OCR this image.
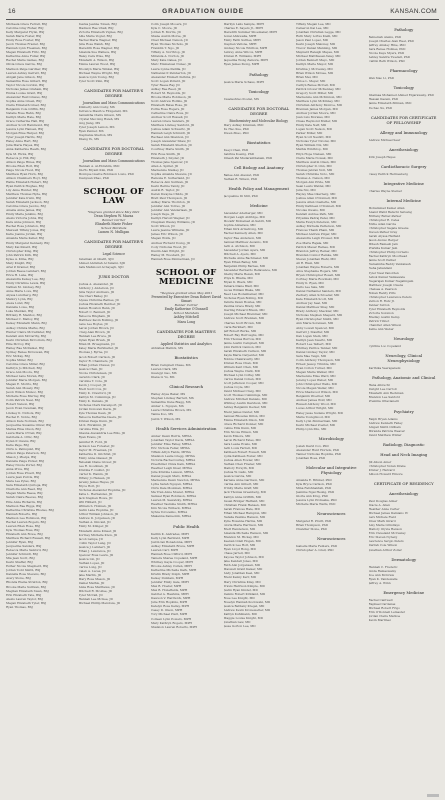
16	GRADUATION GUIDE	KANSAN.COM
Michaela Grace Ferrell, BSJ
Caroline Gray Fisher, BSJ
Kelly Margaret Flynn, BSJ
Sarah Marie Foster, BSJ
Emily Rose Fowler, BSJ
Jacob Thomas Frazier, BSJ
Hannah Lynn Freeman, BSJ
Megan Elizabeth Fritz, BSJ
Katherine Anne Fuller, BSJ
Rachel Marie Gaines, BSJ
Olivia Grace Garcia, BSJ
Madison Paige Gardner, BSJ
Lauren Ashley Garrett, BSJ
Abigail Jane Gibson, BSJ
Samantha Rose Gilbert, BSJ
Taylor Nicole Gordon, BSJ
Nicholas James Graham, BSJ
Emma Louise Grant, BSJ
Alexander Reid Graves, BSJ
Sophia Anne Green, BSJ
Claire Elizabeth Greer, BSJ
Benjamin Cole Griffin, BSJ
Natalie Rose Hahn, BSJ
Kaitlyn Marie Hale, BSJ
Grace Catherine Hall, BSJ
Andrew Scott Hammond, BSJ
Jessica Lynn Hansen, BSJ
Morgan Elise Harper, BSJ
Tyler Joseph Harris, BSJ
Haley Anne Hart, BSJ
Julia Marie Hayes, BSJ
Anna Katherine Heath, BSJ
Kyle M. Hicks, BSJ
Rebecca Jo Hill, BSJ
Allison Paige Hines, BSJ
Brooke Ellen Holt, BSJ
Paige Nicole Hood, BSJ
Matthew Ryan Horn, BSJ
Allison Chambers Hoyt, BSJ
Hallie Elizabeth Hubert, BSJ
Ryan Patrick Hughes, BSJ
Lily Anne Hunter, BSJ
Matthew Thomas Hyde, BSJ
Jennifer Kate Irwin, BSJ
Sarah Elizabeth Jackson, BSJ
Caroline Grace Jacobs, BSJ
Amelia Anne James, BSJ
Emily Marie Jenkins, BSJ
Alexis Victoria Johns, BSJ
Kara Anne Johnson, BSJ
Rachel Rose Johnston, BSJ
Maxwell Tiffany Jones, BSJ
Katie Joanne Jordan, BSJ
Amanda Marie Keller, BSJ
Emily Margaret Kennedy, BSJ
Mary Kai Kinard, BSJ
Christopher King, BSJ
John Patrick Kirk, BSJ
Kylee A. Kline, BSJ
Mary Knight, BSJ
Ariel P. Kramer, BSJ
Jordan Reese Lambert, BSJ
Erica H. Lane, BSJ
Alexandra Kelsey Lee, BSJ
Emily Christine Lewis, BSJ
Nathan M. Lindsey, BSJ
Anne Marie Love, BSJ
Alyssa Lundberg, BSJ
Mallory Lynn, BSJ
Alexa Lund, BSJ
Danielle Lowe, BSJ
Luke Madden, BSJ
Brittany R. Maddox, BSJ
Michael C. Malloy, BSJ
Kelsey Elizabeth Mann, BSJ
Ashley Christa Marks, BSJ
Hunter Claire McCallister, BSJ
Kendall Ann McCarthy, BSJ
Kevin Christian McCollum, BSJ
Ellie McCoy, BSJ
Hailey Rae McDaniel, BSJ
Sydney Renee McGowan, BSJ
Eric McKay, BSJ
Sophia Miller, BSJ
Caroline Grace Miller, BSJ
Kathryn Jo Mitchell, BSJ
Grace Ann Moore, BSJ
Michael Lane Moran, BSJ
Jennifer Marie Morgan, BSJ
Megan E. Morris, BSJ
Sarah Ann Mosely, BSJ
Jacob Wilson Munoz, BSJ
Michelle Rose Murray, BSJ
Colin Patrick Neal, BSJ
Robert Nelson, BSJ
Jacob Evan Newman, BSJ
Lindsey K. Nichols, BSJ
Rachel E. Noble, BSJ
Allison Kate Norman, BSJ
Jacqueline Susanne Oliver, BSJ
Marisa Elise Olson, BSJ
Laura Marie O'Neil, BSJ
Gabriella A. Ortiz, BSJ
Dylan P. Owens, BSJ
Katie Page, BSJ
Chris A. Palmquist, BSJ
Allison Paige Peterson, BSJ
Mason J. Phelps, BSJ
Danielle Paige Picker, BSJ
Haley Nicole Porter, BSJ
Anna Price, BSJ
Jordan Rose Pruett, BSJ
Laura Jean Purvis, BSJ
Mara Lee Pyles, BSJ
Sara Elizabeth Quiroga, BSJ
Charlotte Ann Reed, BSJ
Megan Marie Reese, BSJ
Sarah Claire Reeves, BSJ
Ellie Anne Richards, BSJ
Madison Rae Riggs, BSJ
Katherine Christine Rhodes, BSJ
Hannah Roberts, BSJ
Madison Lee Robinson, BSJ
Rachel Lauren Rogers, BSJ
Lauren Ellen Rose, BSJ
Kyle Thomas Ross, BSJ
Elizabeth Ann Rowe, BSJ
Matthew Richard Russell, BSJ
Jennifer Ryan, BSJ
Jacqueline Sanders, BSJ
Rebecca Marie Sanford, BSJ
Jennifer Schmidt, BSJ
Mia Jean Scott, BSJ
Kevin Shaffer, BSJ
Esther Nicole Shepherd, BSJ
Jordan Todd Smith, BSJ
Daniella Rose Stevens, BSJ
Avery Stone, BSJ
Rhonda Elaine Stratton, BSJ
Brooke Marie Sullivan, BSJ
Meghan Elizabeth Swan, BSJ
Erin Elizabeth Tate, BSJ
Alexis Lauren Taylor, BSJ
Megan Elizabeth Tyler, BSJ
Ryan Thomas, BSJ
Tearsa Jeanne Tolsen, BSJ
Madison Rae Uhall, BSJ
Victoria Elizabeth Vignes, BSJ
Allie Marie Vogler, BSJ
Rachel Marie Wagner, BSJ
Julie Rose Walsh, BSJ
Meredith Rose Wagner, BSJ
Amanda Sue Wallace, BSJ
Haley Cara Wise, BSJ
Elizabeth A. Wilson, BSJ
Emma Lauren Wood, BSJ
Brooklyn Marie Winkel, BSJ
Michael Wayne Wright, BSJ
Jessica Lynn Young, BSJ
Tyler Scott Zinn, BSJ
CANDIDATES FOR MASTER'S DEGREE
Journalism and Mass Communications
Kimberly Ann Cosby, MS
Terrence Maurice Fitzgerald, MS
Samantha Claire Gibson, MS
Crystal Mei Ling Hsieh, MS
Ling Jiang, MS
Tyler Joseph Lemon, MS
Ryan Penner, MS
Stephanie Shelton, MS
Zhang Yu, MS
CANDIDATES FOR DOCTORAL DEGREE
Journalism and Mass Communications
Hannah A. Al-Ebrahim, PhD
Jin-Ho Bryant Kim, PhD
Monique Lisette Robinson Louis, PhD
Yuanyuan Zhao, PhD
SCHOOL OF LAW
*Degrees granted since May 2021
Dean Stephen W. Mazza
Banner Carrier
Elizabeth Marie Fisher
School Marshals
Lumen N. Mulligan
CANDIDATES FOR MASTER'S DEGREE
Legal Science
Sulaiman Al Ghafri, SJD
Ahmed Abdullah Al Sulami, SJD
Safa Mahmoud Al Sayegh, SJD
JURIS DOCTOR
Joshua A. Alexander, JD
Anthony J. Anderson, JD
Julia Taylor Andrews, JD
Nia Cheri Bailey, JD
Alyssa Christine Barnes, JD
Joshua Elizabeth Belcher, JD
Kenan Houston Benn, JD
Robert C. Bennett, JD
Rebecca Bingham, JD
Matthew Kevin Bohling, JD
Lane Lee Boyles, JD
Aaron Jordan Brown, JD
Craig Alan Brown, JD
Hannah Lee Bruce, JD
Dylan Ryan Brush, JD
Brian M. Bruegmann, JD
Kaley Marie Burkhalter, JD
Thomas J. Byrne, JD
Jacob Robert Carlson, JD
Taylor R. Chambers, JD
Ethan Jordan Chavez, JD
Jessica Chen, JD
Nicole Christensen, JD
Gerardo Clark, JD
Caroline T. Cole, JD
Kevin J. Cooper, JD
Brett Scott Cox, JD
Emily K. Crawford, JD
Kaitlyn M. Cummings, JD
Emily K. Daniels, JD
Nicholas Clark Davenport, JD
Jordan Donovan Davis, JD
Kyle Thomas Dean, JD
Rebecca Katherine Deere, JD
Kirsten Paige Dunn, JD
Ali K. Ebrahimi, JD
Caroline Ellis, JD
Shauna Alexandria Lee Ellis, JD
Ryan Evans, JD
Jennifer R. Ford, JD
Jackson Lee Forester, JD
Taylor M. Freeman, JD
Katherine D. Gilchrist, JD
Emily Anne Glasser, JD
Rebekah Diane Glover, JD
Lee R. Goodman, JD
Kristina F. Guillot, JD
Carter K. Hamm, JD
Tiffany Jo Hansen, JD
Jeremy James Hayes, JD
Bryce Holt, JD
Nicholas Alexander Hopkins, JD
Katie L. Hernandez, JD
Jack Stephen Howe, JD
Will Hilliard, JD
William S. Holman, JD
Justin Lane Hopkins, JD
Arthur William Johnson, JD
Andrew D. Jorgensen, JD
Nathan A. Kincaid, JD
Emily M. Klinger, JD
Elizabeth Anne Kinser, JD
Kortney Michelle Knox, JD
Jacob Lampe, JD
Collin Taylor Lang, JD
Jessica J. Lambert, JD
Ethan J. Lawrence, JD
Spencer Ross Lewis, JD
Jessica Lin, JD
Nathan Lopez, JD
Carlos Long, JD
Caleb A. Lucas, JD
Jake Martin, JD
Mary Rose Mason, JD
Daniel Mathis, JD
Anna Rose Matthews, JD
Mitchell R. McAfee, JD
Tyler McCall, JD
Hannah Lee McGee, JD
Michael Phillip Mendoza, JD
Colin Joseph Mooers, JD
Kyle C. Moore, JD
Jordan R. Morris, JD
Shane Austin Morse, JD
Chad Michael Nelson, JD
Ryan Thomas Nichols, JD
Franklin T. Ngo, JD
Tiffany A. Northrop, JD
Miranda A. Norton, JD
Mary Kate Oakes, JD
Marc Emmanuel Nunez, JD
Laura Lynne Padilla, JD
Nathaniel P. Pemberton, JD
Alexander Emmett Perkins, JD
Scott Logan Pollard, JD
Tyler Reese Ray, JD
Ashley Rae Reed, JD
Robert M. Reynolds, JD
Brooke Marie Robinson, JD
Scott Andrew Rollins, JD
Elizabeth Bates Rose, JD
Portia Rose Rogers, JD
Catherine Claire Ross, JD
Andrew Scott Russell, JD
Lauren Grace Sanders, JD
Matthew Lindsey Sanford, JD
Joshua Adam Schwartz, JD
Hannah Leigh Schmidt, JD
Rachael Ann Shannon, JD
Joseph Alexander Shaw, JD
Sarah Elizabeth Shelton, JD
Courtney Marie Smith, JD
Erin Rose Smith, JD
Elizabeth J. Snyder, JD
Thomas Jake Spencer, JD
Allen A. Spiller, JD
Mackenzie Stanley, JD
Sophia Amanda Stevens, JD
Ramona E. Sutherland, JD
Rebecca Ann Sullivan, JD
Kevin Bernie Tandy, JD
Austin R. Taylor, JD
Derek Dwayne Childs, JD
Brett Paul Thompson, JD
Ashley Marie Thornton, JD
Jennifer Ann Torres, JD
Jennifer Ann Vanderlaan, JD
Joseph Vega, JD
Kaitlyn Harold Wagner, JD
Chapman Wesley Williams, JD
Scott Wilson, JD
Laura Jeanne Williams, JD
James Eric Wilson, JD
Megan Wolfe, JD
Andrew Richard Young, JD
Cody Nicholas Wood, JD
Dustin Alan Wright, JD
Hailey M. Woodard, JD
Hannah Rose Zimmerman, JD
SCHOOL OF MEDICINE
*Degrees granted since May 2021
Presented by Executive Dean Robert David Simari
Banner Carrier
Emily Katherine O'Donnell
School Marshals
Ashley Mitchell
Mara Long
CANDIDATES FOR MASTER'S DEGREE
Applied Statistics and Analytics
Abhishek Mallick, MS
Biostatistics
Brian Campbell Chase, MS
Lauren Clark, MS
Guangyi Gao, MS
Diana Li Yu, MS
Clinical Research
Hailey Alyse Baker, MS
Stephen Lindsey Barrett, MS
Samantha Irene Blagg, MS
Amber L. Nguyen, MS
Laura Christine Brown, MS
Tanna Koo, MS
Justin T. Wilson, MS
Health Services Administration
Amber Dawn Burris, MHSA
Jonathan Taylor Davis, MHSA
Jennifer Elise Fahey, MHSA
Eric Nichole Feller, MHSA
Tiffani Adlyn Fields, MHSA
Shannon Leslie Gregg, MHSA
Victoria Rachel Gurley, MHSA
Preethimol Chiza Kain, MHSA
Heather Leigh Kiser, MHSA
Julie Kristine Lawson, MHSA
Daniel Joseph Marx, MHSA
Mackenzie Dawn Newton, MHSA
Lydia Sarah Nguyen, MHSA
Chris Dale Mosiman, MHSA
Ma Tran Anne Mosier, MHSA
Samuel Ryan Robinson, MHSA
Lauren M. Sawatzky, MHSA
Heather Yasmine Smith, MHSA
Kim Nicole Wilbeck, MHSA
Sylvia Yorozenko, MHSA
Makenna Zamecnik, MHSA
Public Health
Kaitlin K. Andrades, MPH
Kelly Lynn Bernfeld, MPH
Justin Ian Bonadonna, MPH
Ashley Elizabeth Bruce, MPH
Lauren Carr, MPH
Hannah Rose Clifford, MPH
Tamera Sharee Copeland, MPH
Whitney Gayle Cooper, MPH
Brooke Ashley Cullen, MPH
Katherine Michelle Dark, MPH
Kristin Brady Dolph, MPH
Kelsey Dunham, MPH
Jennifer Emily Gale, MPH
Max B. Hoefer, MPH
Max B. Honeffelds, MPH
Gabriel A. Hawkins, MPH
Dawson V. Hardwick, MPH
Julie Erin Hopkins, MPH
Katelyn Rose Kelley, MPH
Casey D. Olson, MPH
Tory Michael Piatt, MPH
Colleen Lynn Powers, MPH
Mary Kathryn Rogers, MPH
Shannon Lauren Roberts, MPH
Marilyn Lalis Semple, MPH
Charles E. Sayers Jr., MPH
Meredith Summer Shoemaker, MPH
Sonal Ahluwalia, MPH
Emily Faith Suttles, MPH
Stephen Vallone, MPH
Lindsey Nicole Whitlow, MPH
Aubrey Anne Wilcox, MPH
Kristen R. Williams, MPH
Jaquelina Wong Zamora, MPH
Ryan James Xiong, MPH
Pathology
Jessica Marie Schaus, MPH
Toxicology
Swadeshrao Poodel, MS
CANDIDATES FOR DOCTORAL DEGREE
Biochemistry and Molecular Biology
Mary Ashley Kinzman, PhD
Xu Hao Xue, PhD
Ziwen Zhao, PhD
Biostatistics
Xueyi Chen, PhD
Sabrina Koenig, PhD
Dinesh Pal Mudaranthakam, PhD
Cell Biology and Anatomy
Bailee Ann Alauzet, PhD
Nathan R. Wilson, PhD
Health Policy and Management
Jacqueline Di Still, PhD
Medicine
Alexander Adelberger, MD
Morgan Leigh Aldridge, MD
Mozafir Mohamed Al-Sabiri, MD
Sophia Anbarasu, MD
Ethan Kirk Armstrong, MD
Rachel Kennedy Allen, MD
Taylor Rae Anderson, MD
Samuel Matthew Ascanio, MD
Seth A. Atchison, MD
Alexander Jordan Ayers, MD
Mitchell A. Ayers, MD
Michelle Anne Bachmeier, MD
Ryan Ethan Bailey, MD
Benjamin Philip Barnes, MD
Alexander Bernardo Bellavance, MD
Shelby Marie Bezek, MD
Priya K. Bhatia, MD
Bryan K. Black, MD
Tamara Diane Blair, MD
Lucas William Blake, MD
Reed Lee Bodenhamer, MD
Nicholas Ryan Bolling, MD
Tamira Dawn Bowles, MD
Paulina Grace Brady, MD
Sterling Edward Braun, MD
Joseph Michael Bremmer, MD
Andrew Scott Brennan, MD
Charles Scott Brown, MD
Carla Burkhart, MD
Jeff Robert Burke, MD
Robert Ray Burroughs, MD
Erin Thomas Burrow, MD
Jamie Austin Campbell, MD
John Patrick Cannon, MD
Sarah Elizabeth Carlson, MD
Kayla Marie Carpenter, MD
Robbie Chakravarty, MD
Kristen Rose Chan, MD
William Kent Chen, MD
Joshua Wayne Clark, MD
Michael Lynn Coffey, MD
Carlos Daniel Cohen, MD
Scott Jefferson Cooper, MD
Joshua Coyle, MD
David Michael Craig, MD
Scott Thomas Cummings, MD
Andrew Mitchell Daniels, MD
Whitney Austin Davidson, MD
Ashley Benjamin Decker, MD
Brent James Dexter, MD
Samuel Rhoades Dillon, MD
Emma Elizabeth Dixon, MD
Grace Richard Donner, MD
Celine Ellis Dunn, MD
Erin Nicole Ellison, MD
Kevin Elmore, MD
Aaron Richard Estes, MD
Sara Leane Evans, MD
Seth Louis Farrell, MD
Kathleen Robert Fossett, MD
Lydia Kathleen Foster, MD
Joshua Allen Fowler, MD
Nathan Chen Frazier, MD
Mallory Forsyth, MD
Joshua W. Gallo, MD
Jessica Garcia, MD
Karlena Anne Garrison, MD
Carina Ann Gilbert, MD
Trinity Marie Graff, MD
Jack Thomas Greenberg, MD
Kaitlyn Anne Griffith, MD
Susan Bridger Hatfield, MD
Christian Frank Hansen, MD
Sarah Frances Hale, MD
Ethan Michael Hampton, MD
Natalie Pauline Hanson, MD
Kylie Roxanne Harms, MD
Gloria Marie Harrison, MD
Brett Henderson, MD
Amanda Michelle Henson, MD
Brandon M. Hickey, MD
Keenan Odell Hogan, MD
Derrick Lee Holt, MD
Ryan Lloyd Hong, MD
Chase Jarrell, MD
Kaycee Taylor Johnson, MD
Jake Kendall Jones, MD
Ruth Ann Jorgensen, MD
Maxwell Grant Kaiser, MD
Andy Jonathan Keel, MD
Brent Kenny Kerr, MD
Mary Christina Kiley, MD
Travis Harrison Kimple, MD
Justin Ryan Kinder, MD
Dennis Robert Kirkland, MD
Rose Lee Knight, MD
Roselyn Hannah Kozlowski, MD
Jessica Bethany Kregel, MD
Andrew Kevin Kronewetter, MD
Kaitlyn Kuhlmann, MD
Maggie Louise Knight, MD
Jonathan Law, MD
Jesse Gorton Lee, MD
Tiffany Megan Lee, MD
Cameron Kai Lee, MD
Jonathan Christian Legge, MD
Ruth Mary Loftus Kiehl, MD
Jason Paul Lopez, MD
Kevin Joseph Maloney, MD
Trevor Daniel Manning, MD
Maynard Raleigh Mapes, MD
Michael Matthiesen-Veley, MD
Jordan Bennett Mayo, MD
Kaitlyn Marie Mayor, MD
Kristina J. McCauley, MD
Brian Wilson McGee, MD
Brian Mei, MD
Chloe L. Meyer, MD
Caitlyn Renee McCall, MD
Patrick Grover McKenney, MD
Gregory Scott Miller, MD
Mackenzie Ann McKinnon, MD
Matthew Lynn McKinney, MD
Christian Anthony Monroe, MD
Brennan James Morgan, MD
Andrew Jordan Moore, MD
Juan Luis Morales, MD
Chase Raymond Muller, MD
Emily Kate Neff, MD
Logan Scott Nelson, MD
Parker Miller, MD
Ryan Scott Nesbitt, MD
Nicholas Tyler Nicolai, MD
Ryan William Nix, MD
Mathis Winthrop, MD
Ellyn Hope Nielsen, MD
Claire Marie Nowak, MD
Matthew Austin Olsen, MD
Christopher D. Onn, MD
Thomas Jebran Noll, MD
Sarah Christine Noto, MD
Thomas A. Nelson, MD
Morgan Ann Pride, MD
Sean Lewis Waldel, MD
Julia Nix, MD
Hayley Mae Okerberg, MD
Joshua Allen O'Donnell, MD
Jessica Allen Ouellette, MD
Emily Kathleen O'Donnell, MD
Nicolas Owens, MD
Kendall Aubree Park, MD
Priyanka Padraj Patel, MD
Maria Evelyn Peterson, MD
Ashley Michelle Patterson, MD
Frances Thanh Pham, MD
Michael Andrew Pilger, MD
Alexandra Leigh Prosser, MD
Zoe Marie Rajala, MD
Patrick Mauer Raines, MD
Brandon Jeffrey Reiner, MD
Brendan Connor Remke, MD
Steven Jonathan Riehl, MD
Ali R. Riazi, MD
Jonathan Wayne Roberts, MD
Alice Stephanie Rogers, MD
Bryan Christopher Rosell, MD
Cortney Marie Rowinski, MD
Emily K. Ryan, MD
Karis Lee Sale, MD
Daniel Nathaniel Sanders, MD
Zachary Allen Schroeder, MD
Kate Elizabeth Scott, MD
Andrew Jay Seal, MD
Daniel Matthew Shay, MD
Brady Anthony Sheckler, MD
Nicholas Stephen Shepard, MD
Ryan Christopher Smith, MD
Ann Marie Sorensen, MD
Abby Lowell Spencer, MD
Garrett J. Stauffer, MD
Dan Logan Stein, MD
Kaitlyn Jean Swartz, MD
Robert Lee Talbert, MD
Whitney Patrice Tanner, MD
Daniel Lindsey Taylor, MD
Sara Mae Teign, MD
Colin Anthony Thompson, MD
Ernest Jessop Trimble, MD
Ryan Colton Turner, MD
Megan Marie Walker, MD
Mackenzie Elise Ward, MD
Jeremy Lopez Weber, MD
John Christopher Wells, MD
Nicole Megan Weller, MD
Erica Shadwood Wilson, MD
Benjamin Woerner, MD
Andrew James Wolf, MD
Russell Anthony Wood, MD
Lucas Arthur Wright, MD
Haley Jesse Sudene Wright, MD
Marie Youngblood, MD
Kelly Lynn Zimmerman, MD
Kevin Michael Zoeller, MD
Philip Lynn Zhu, MD
Microbiology
Josiah David Cox, PhD
Alexander Hunt Hornok, PhD
Tanner Nicholas Hopkins, PhD
Jonathan Boes, PhD
Molecular and Integrative Physiology
Amanda E. Brinker, PhD
Kyle Bryce Carlson, PhD
Mina Farshbakhsh, PhD
Jasmine Ngai Heung, PhD
Gloria Ann Krug, PhD
Jessica Lynn Prohaska, PhD
Michelle Marie Watts, PhD
Neurosciences
Margaret R. Pruitt, PhD
Brian Thompson, PhD
Chandler Stone, PhD
Neurosciences
Isabelle Marie Fenters, PhD
Christopher A. Greil, PhD
Pathology
Belnemsh Alemu, PhD
Joseph Charles Alan Heel, PhD
Jeffrey Ainsley Hine, PhD
Sara Renee Holmes, PhD
Nicole Kaye Myers, PhD
Ashley Sandra Twedell, PhD
Caitlin Beth Wilson, PhD
Pharmacology
Wan Xiao Li, PhD
Toxicology
Shaimaa Mohamed Ahmed Elgarawany, PhD
Hassan Kazem, PhD
Jamie Elizabeth Zillman, PhD
Tuchao Xu, PhD
CANDIDATES FOR CERTIFICATE OF FELLOWSHIP
Allergy and Immunology
Andrew Michael Sear
Anesthesiology
Kirk Joseph Hayes
Cardiothoracic Surgery
Casey Patrick Hermesberg
Integrative Medicine
Charles Wayne Steiner
Internal Medicine
Mohammad Kamel Alian
Anand Walid Baluchi Selvaraj
Brittany Butler-Parker
Christopher R. Cates
Eddie Adan Garcia
Christopher Sagala Greene
Steven Parker Gray
Sarah Alyssa Hatfield
Jason Alonso Berger
Mitesh Ramesh Jain
Prafulla Kumar Jain
Christopher Philip Cornelio
Rachel Kathryn Moorhead
Jamie Scott Parker
Narasimha Reddy Venkatesh
Neha Jahandani
Tyler Neal Vanorden
Ashok Kumar Vankawala
Nagarajan Kumar Nagalingam
Matthew Joseph Owens
Chelsea A. Pearson
Rohan Reddy Pitts
Christopher Lawrence Peters
Vernon R. Rutz Jr.
Tanner Sutton
Tyler Elizabeth Reynolds
Victoria Solomon
Bradley Austin Kemp
Patrick Tibbot
Chandler Allen Wilson
Kellie Ann Weber
Neurology
Cynthia Loo Copeland
Neurology, Clinical Neurophysiology
Karthika Veerapaneni
Pathology, Anatomic and Clinical
Hana Albrecht
Dwight Lee Carroll
Elisabeth Ann Beckman
Brandon Lee Sanford
Premilia Ottavianelli
Psychiatry
Ralph Bryan Adams
Andrew Kenneth Fahey
Abigail Smith Oldham
Miranda Patricia Weaver
David Matthew Wilder
Radiology, Diagnostic
Head and Neck Imaging
Jill Alison Amer
Christopher Nolan Drake
Krister J. Harvard
Allison Howard Elmore
CERTIFICATE OF RESIDENCY
Anesthesiology
Paul Douglas Aimer
Stacie A. Allen
Heather Anne Carter
Michael James Damiano IV
Lars Michele Field
Drew Mark Girard
Amy Marie Grindlays
Mallory Olyvia Henson
Erin Cleveland McCauley
Eric Steven Nyberg
Lawrence Sergio Peters
Darrah Cole Wilson
Jonathan Arthur Zoller
Dermatology
Hannah C. Frederic
Linda Ramaswamy
Zoe Ann McGraw
Ryan K. Vandewalle
Jeffrey A. Winn
Emergency Medicine
Rachel Cantwell
Raphael Cardenas
Michael Robert Frigo
Erin O'Donnell Lemaster
Jordan Claire Markoe
Kevin Martinez
